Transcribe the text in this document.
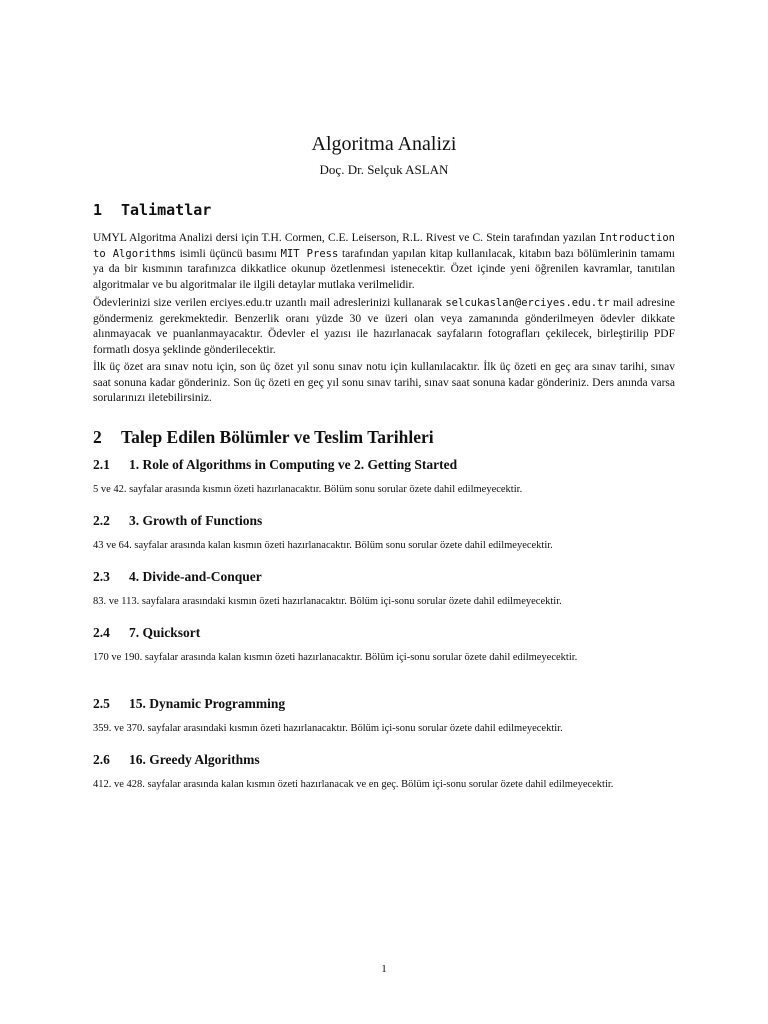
Algoritma Analizi
Doç. Dr. Selçuk ASLAN
1 Talimatlar

UMYL Algoritma Analizi dersi için T.H. Cormen, C.E. Leiserson, R.L. Rivest ve C. Stein tarafından yazılan Introduction to Algorithms isimli üçüncü basımı MIT Press tarafından yapılan kitap kullanılacak, kitabın bazı bölümlerinin tamamı ya da bir kısmının tarafınızca dikkatlice okunup özetlenmesi istenecektir. Özet içinde yeni öğrenilen kavramlar, tanıtılan algoritmalar ve bu algoritmalar ile ilgili detaylar mutlaka verilmelidir.

Ödevlerinizi size verilen erciyes.edu.tr uzantlı mail adreslerinizi kullanarak selcukaslan@erciyes.edu.tr mail adresine göndermeniz gerekmektedir. Benzerlik oranı yüzde 30 ve üzeri olan veya zamanında gönderilmeyen ödevler dikkate alınmayacak ve puanlanmayacaktır. Ödevler el yazısı ile hazırlanacak sayfaların fotografları çekilecek, birleştirilip PDF formatlı dosya şeklinde gönderilecektir.

İlk üç özet ara sınav notu için, son üç özet yıl sonu sınav notu için kullanılacaktır. İlk üç özeti en geç ara sınav tarihi, sınav saat sonuna kadar gönderiniz. Son üç özeti en geç yıl sonu sınav tarihi, sınav saat sonuna kadar gönderiniz. Ders anında varsa sorularınızı iletebilirsiniz.

2 Talep Edilen Bölümler ve Teslim Tarihleri
2.1 1. Role of Algorithms in Computing ve 2. Getting Started

5 ve 42. sayfalar arasında kısmın özeti hazırlanacaktır. Bölüm sonu sorular özete dahil edilmeyecektir.

2.2 3. Growth of Functions

43 ve 64. sayfalar arasında kalan kısmın özeti hazırlanacaktır. Bölüm sonu sorular özete dahil edilmeyecektir.

2.3 4. Divide-and-Conquer

83. ve 113. sayfalara arasındaki kısmın özeti hazırlanacaktır. Bölüm içi-sonu sorular özete dahil edilmeyecektir.

2.4 7. Quicksort

170 ve 190. sayfalar arasında kalan kısmın özeti hazırlanacaktır. Bölüm içi-sonu sorular özete dahil edilmeyecektir.

2.5 15. Dynamic Programming

359. ve 370. sayfalar arasındaki kısmın özeti hazırlanacaktır. Bölüm içi-sonu sorular özete dahil edilmeyecektir.

2.6 16. Greedy Algorithms

412. ve 428. sayfalar arasında kalan kısmın özeti hazırlanacak ve en geç. Bölüm içi-sonu sorular özete dahil edilmeyecektir.

1
